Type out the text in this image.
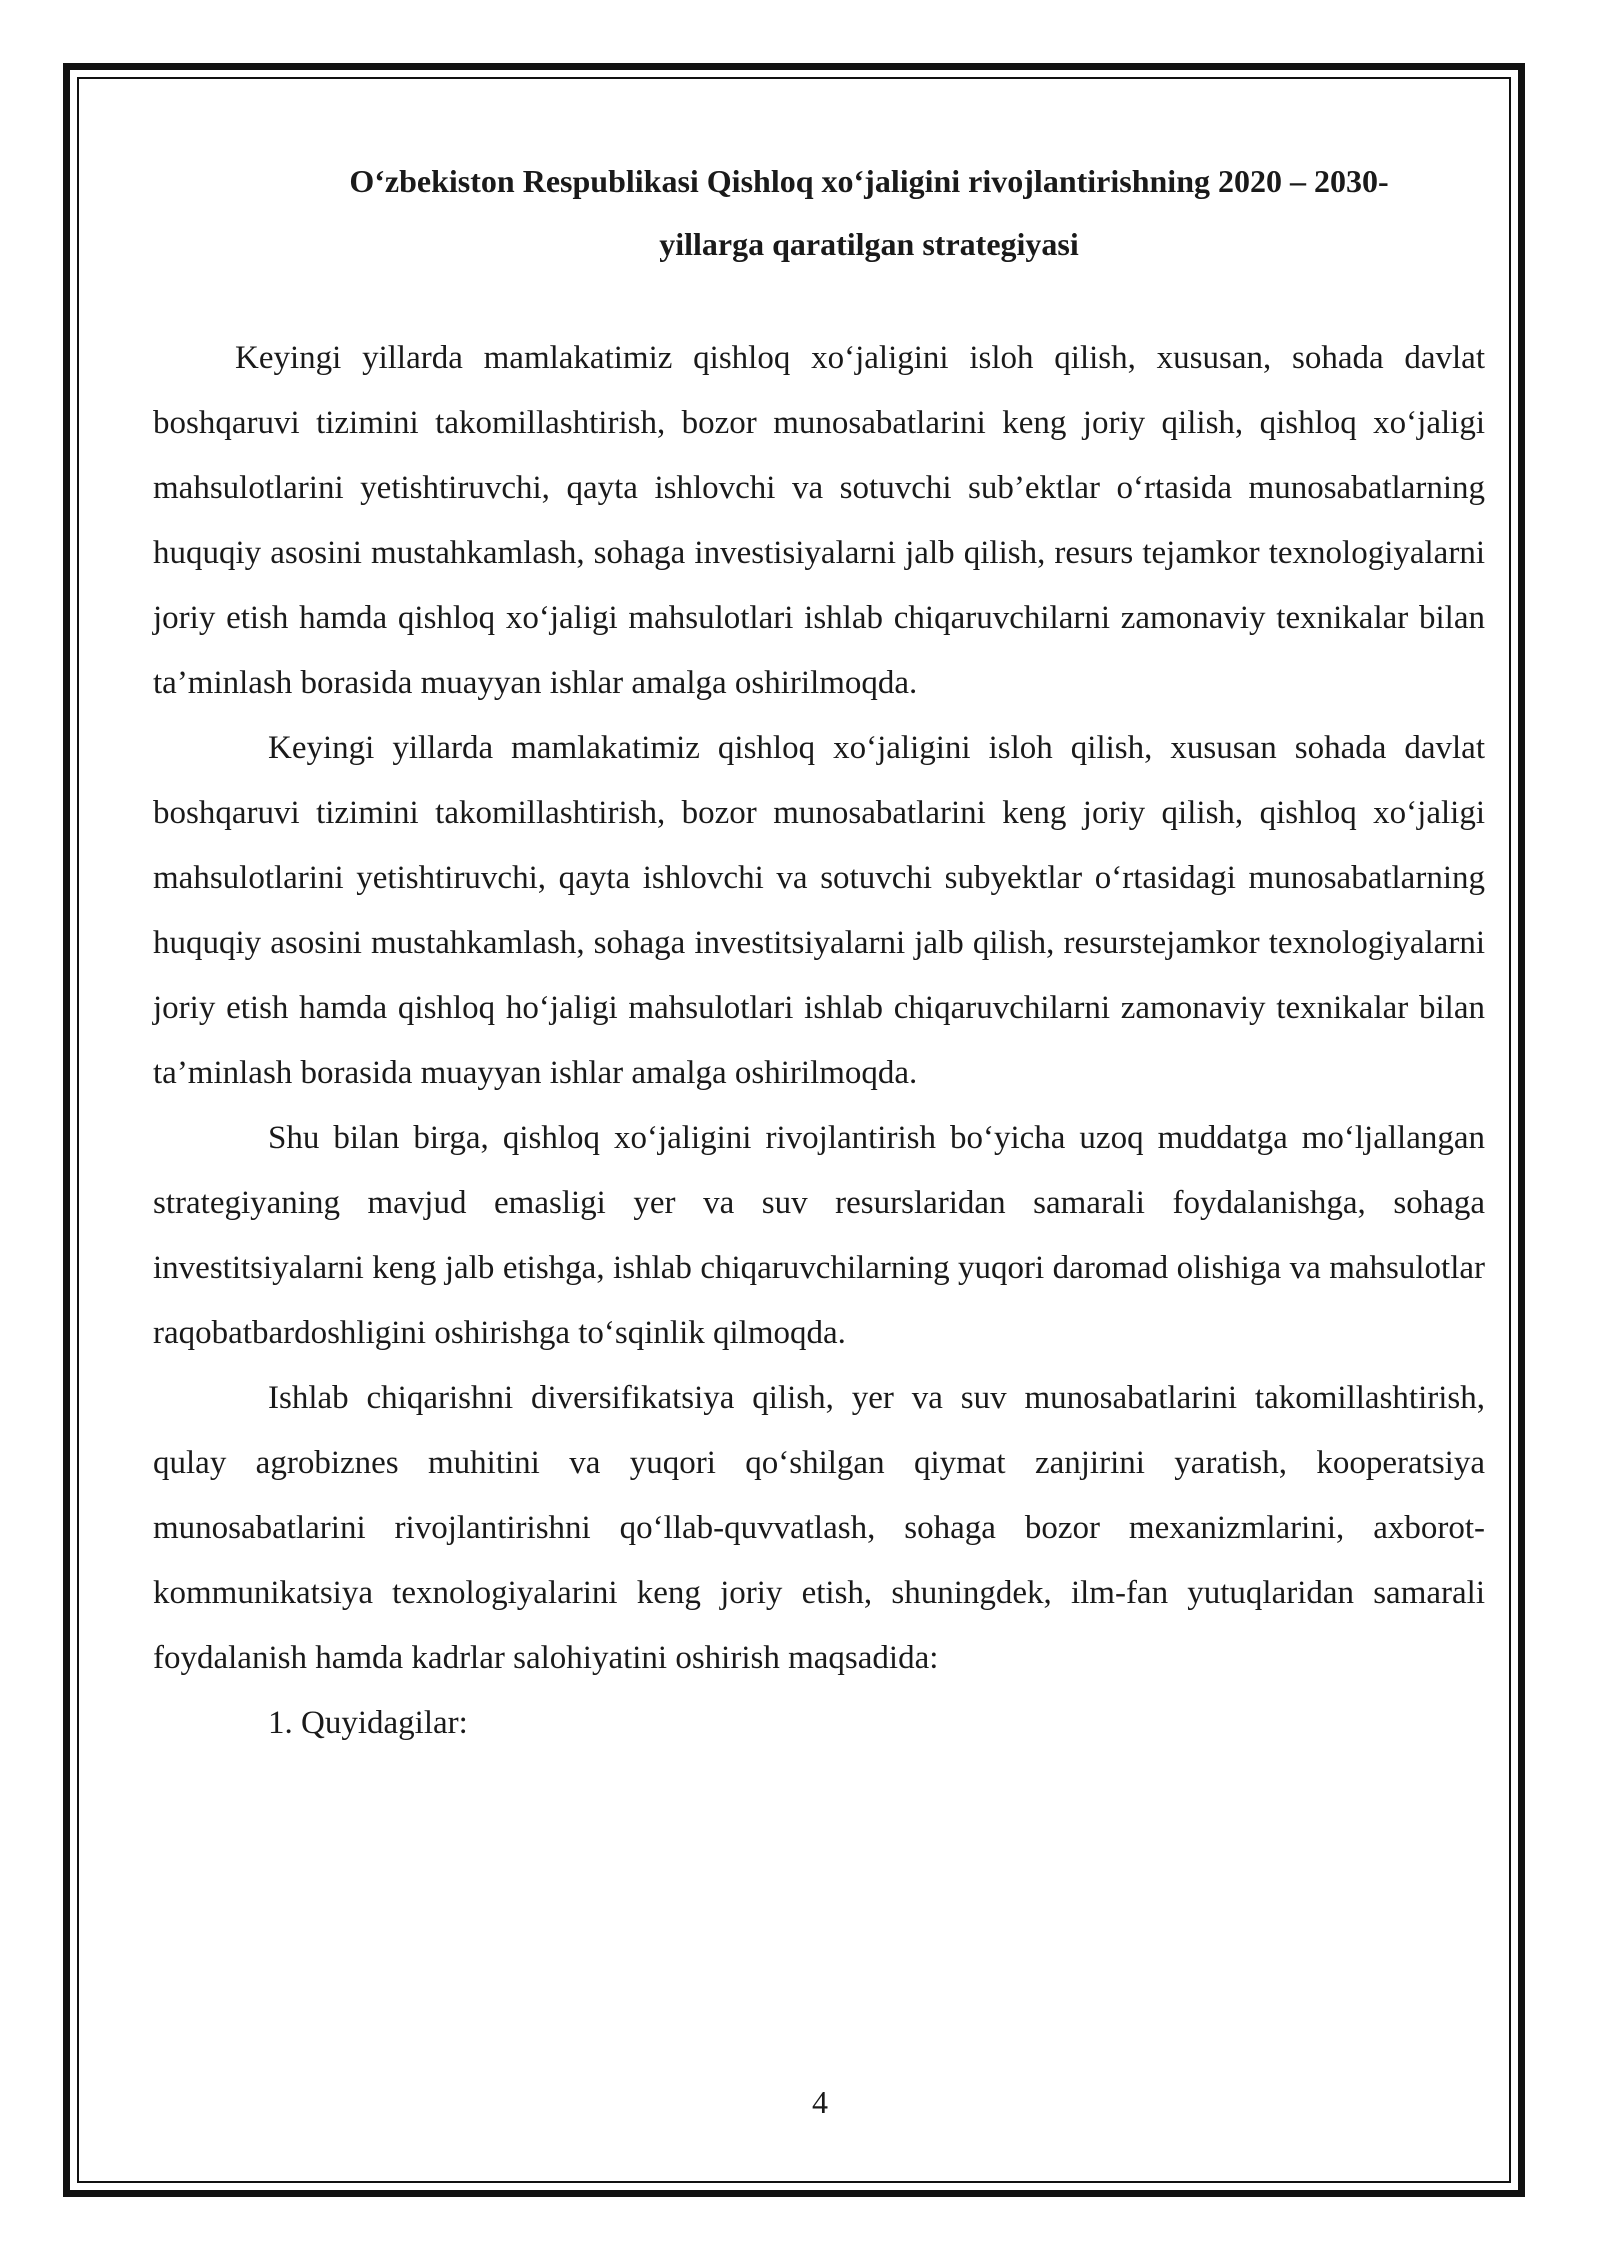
O‘zbekiston Respublikasi Qishloq xo‘jaligini rivojlantirishning 2020 – 2030-
yillarga qaratilgan strategiyasi

Keyingi yillarda mamlakatimiz qishloq xo‘jaligini isloh qilish, xususan, sohada davlat boshqaruvi tizimini takomillashtirish, bozor munosabatlarini keng joriy qilish, qishloq xo‘jaligi mahsulotlarini yetishtiruvchi, qayta ishlovchi va sotuvchi sub’ektlar o‘rtasida munosabatlarning huquqiy asosini mustahkamlash, sohaga investisiyalarni jalb qilish, resurs tejamkor texnologiyalarni joriy etish hamda qishloq xo‘jaligi mahsulotlari ishlab chiqaruvchilarni zamonaviy texnikalar bilan ta’minlash borasida muayyan ishlar amalga oshirilmoqda.

Keyingi yillarda mamlakatimiz qishloq xo‘jaligini isloh qilish, xususan sohada davlat boshqaruvi tizimini takomillashtirish, bozor munosabatlarini keng joriy qilish, qishloq xo‘jaligi mahsulotlarini yetishtiruvchi, qayta ishlovchi va sotuvchi subyektlar o‘rtasidagi munosabatlarning huquqiy asosini mustahkamlash, sohaga investitsiyalarni jalb qilish, resurstejamkor texnologiyalarni joriy etish hamda qishloq ho‘jaligi mahsulotlari ishlab chiqaruvchilarni zamonaviy texnikalar bilan ta’minlash borasida muayyan ishlar amalga oshirilmoqda.

Shu bilan birga, qishloq xo‘jaligini rivojlantirish bo‘yicha uzoq muddatga mo‘ljallangan strategiyaning mavjud emasligi yer va suv resurslaridan samarali foydalanishga, sohaga investitsiyalarni keng jalb etishga, ishlab chiqaruvchilarning yuqori daromad olishiga va mahsulotlar raqobatbardoshligini oshirishga to‘sqinlik qilmoqda.

Ishlab chiqarishni diversifikatsiya qilish, yer va suv munosabatlarini takomillashtirish, qulay agrobiznes muhitini va yuqori qo‘shilgan qiymat zanjirini yaratish, kooperatsiya munosabatlarini rivojlantirishni qo‘llab-quvvatlash, sohaga bozor mexanizmlarini, axborot-kommunikatsiya texnologiyalarini keng joriy etish, shuningdek, ilm-fan yutuqlaridan samarali foydalanish hamda kadrlar salohiyatini oshirish maqsadida:

1. Quyidagilar:

4
